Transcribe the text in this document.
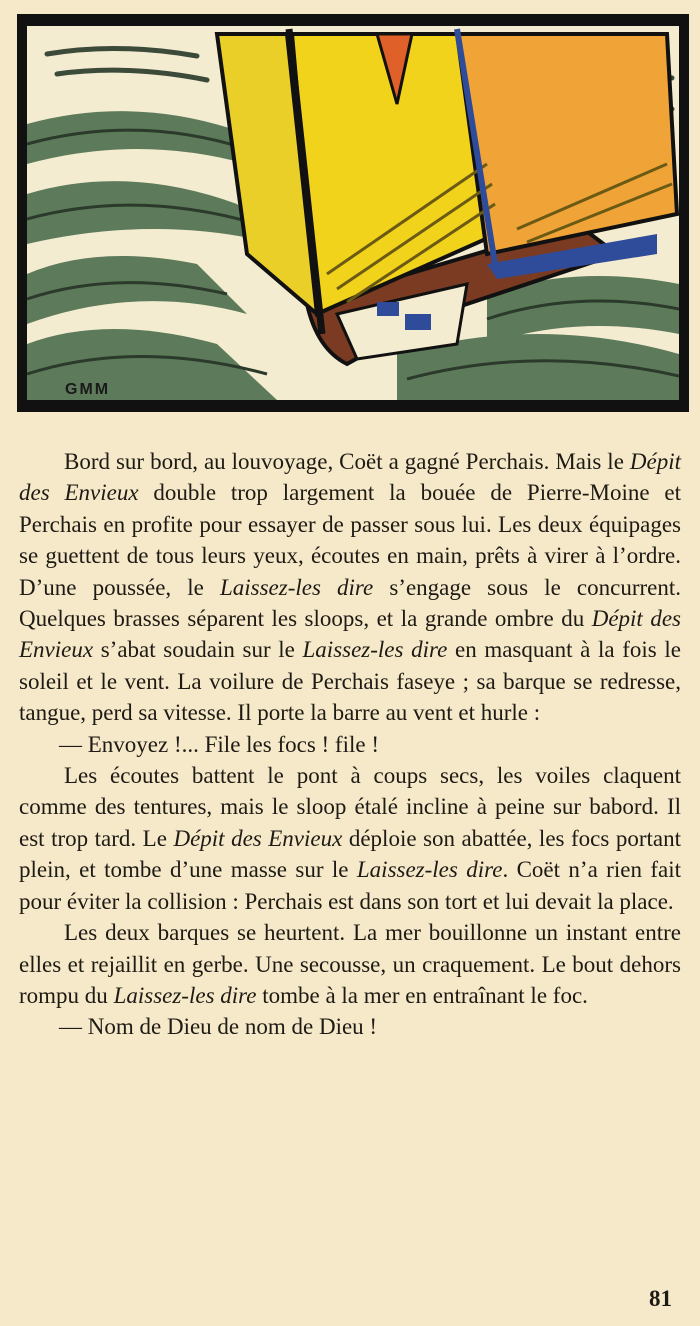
GMM

Bord sur bord, au louvoyage, Coët a gagné Perchais. Mais le Dépit des Envieux double trop largement la bouée de Pierre-Moine et Perchais en profite pour essayer de passer sous lui. Les deux équipages se guettent de tous leurs yeux, écoutes en main, prêts à virer à l’ordre. D’une poussée, le Laissez-les dire s’engage sous le concurrent. Quelques brasses séparent les sloops, et la grande ombre du Dépit des Envieux s’abat soudain sur le Laissez-les dire en masquant à la fois le soleil et le vent. La voilure de Perchais faseye ; sa barque se redresse, tangue, perd sa vitesse. Il porte la barre au vent et hurle :

— Envoyez !... File les focs ! file !

Les écoutes battent le pont à coups secs, les voiles claquent comme des tentures, mais le sloop étalé incline à peine sur babord. Il est trop tard. Le Dépit des Envieux déploie son abattée, les focs portant plein, et tombe d’une masse sur le Laissez-les dire. Coët n’a rien fait pour éviter la collision : Perchais est dans son tort et lui devait la place.

Les deux barques se heurtent. La mer bouillonne un instant entre elles et rejaillit en gerbe. Une secousse, un craquement. Le bout dehors rompu du Laissez-les dire tombe à la mer en entraînant le foc.

— Nom de Dieu de nom de Dieu !

81
